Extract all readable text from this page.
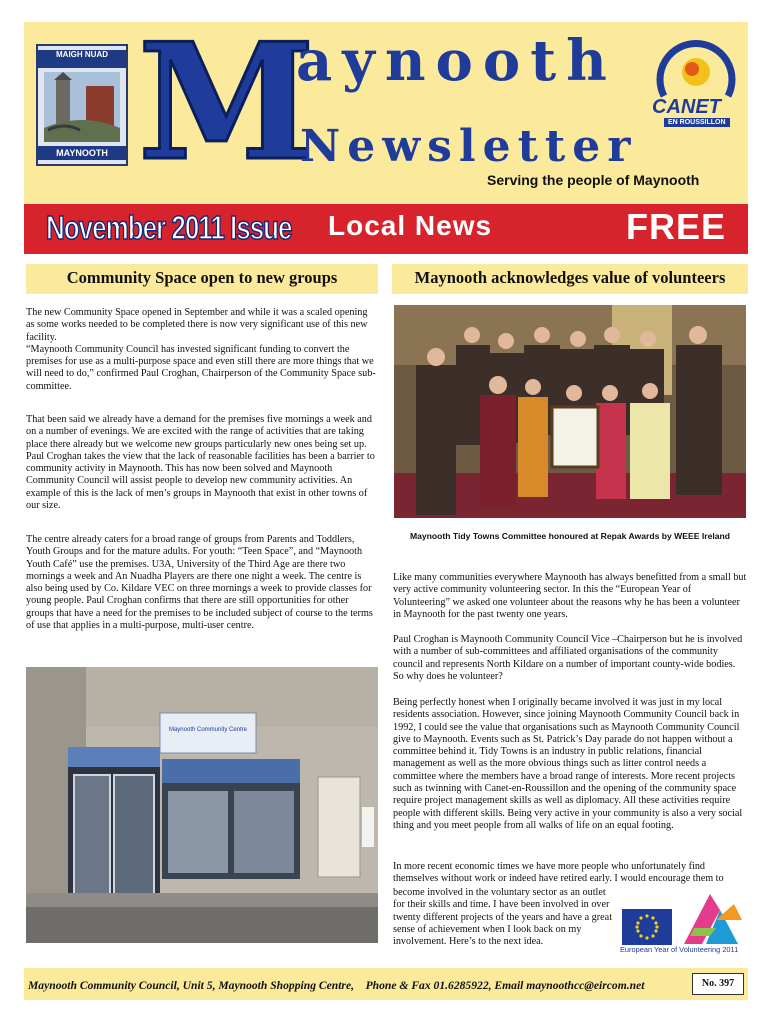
MAIGH NUAD
MAYNOOTH M
aynooth
Newsletter
Serving the people of Maynooth
CANET
EN ROUSSILLON
November 2011 Issue Local News	FREE
Community Space open to new groups
The new Community Space opened in September and while it was a scaled opening as some works needed to be completed there is now very significant use of this new facility.
“Maynooth Community Council has invested significant funding to convert the premises for use as a multi-purpose space and even still there are more things that we will need to do,” confirmed Paul Croghan, Chairperson of the Community Space sub-committee.
That been said we already have a demand for the premises five mornings a week and on a number of evenings. We are excited with the range of activities that are taking place there already but we welcome new groups particularly new ones being set up. Paul Croghan takes the view that the lack of reasonable facilities has been a barrier to community activity in Maynooth. This has now been solved and Maynooth Community Council will assist people to develop new community activities. An example of this is the lack of men’s groups in Maynooth that exist in other towns of our size.
The centre already caters for a broad range of groups from Parents and Toddlers, Youth Groups and for the mature adults. For youth: “Teen Space”, and “Maynooth Youth Café” use the premises. U3A, University of the Third Age are there two mornings a week and An Nuadha Players are there one night a week. The centre is also being used by Co. Kildare VEC on three mornings a week to provide classes for young people. Paul Croghan confirms that there are still opportunities for other groups that have a need for the premises to be included subject of course to the terms of use that applies in a multi-purpose, multi-user centre.
Maynooth Community Centre
Maynooth acknowledges value of volunteers
Maynooth Tidy Towns Committee honoured at Repak Awards by WEEE Ireland
Like many communities everywhere Maynooth has always benefitted from a small but very active community volunteering sector. In this the “European Year of Volunteering” we asked one volunteer about the reasons why he has been a volunteer in Maynooth for the past twenty one years.
Paul Croghan is Maynooth Community Council Vice –Chairperson but he is involved with a number of sub-committees and affiliated organisations of the community council and represents North Kildare on a number of important county-wide bodies. So why does he volunteer?
Being perfectly honest when I originally became involved it was just in my local residents association. However, since joining Maynooth Community Council back in 1992, I could see the value that organisations such as Maynooth Community Council give to Maynooth. Events such as St. Patrick’s Day parade do not happen without a committee behind it. Tidy Towns is an industry in public relations, financial management as well as the more obvious things such as litter control needs a committee where the members have a broad range of interests. More recent projects such as twinning with Canet-en-Roussillon and the opening of the community space require project management skills as well as diplomacy. All these activities require people with different skills. Being very active in your community is also a very social thing and you meet people from all walks of life on an equal footing.
In more recent economic times we have more people who unfortunately find themselves without work or indeed have retired early. I would encourage them to
become involved in the voluntary sector as an outlet for their skills and time. I have been involved in over twenty different projects of the years and have a great sense of achievement when I look back on my involvement. Here’s to the next idea.
European Year of Volunteering 2011
Maynooth Community Council, Unit 5, Maynooth Shopping Centre,    Phone & Fax 01.6285922, Email maynoothcc@eircom.net	No. 397
